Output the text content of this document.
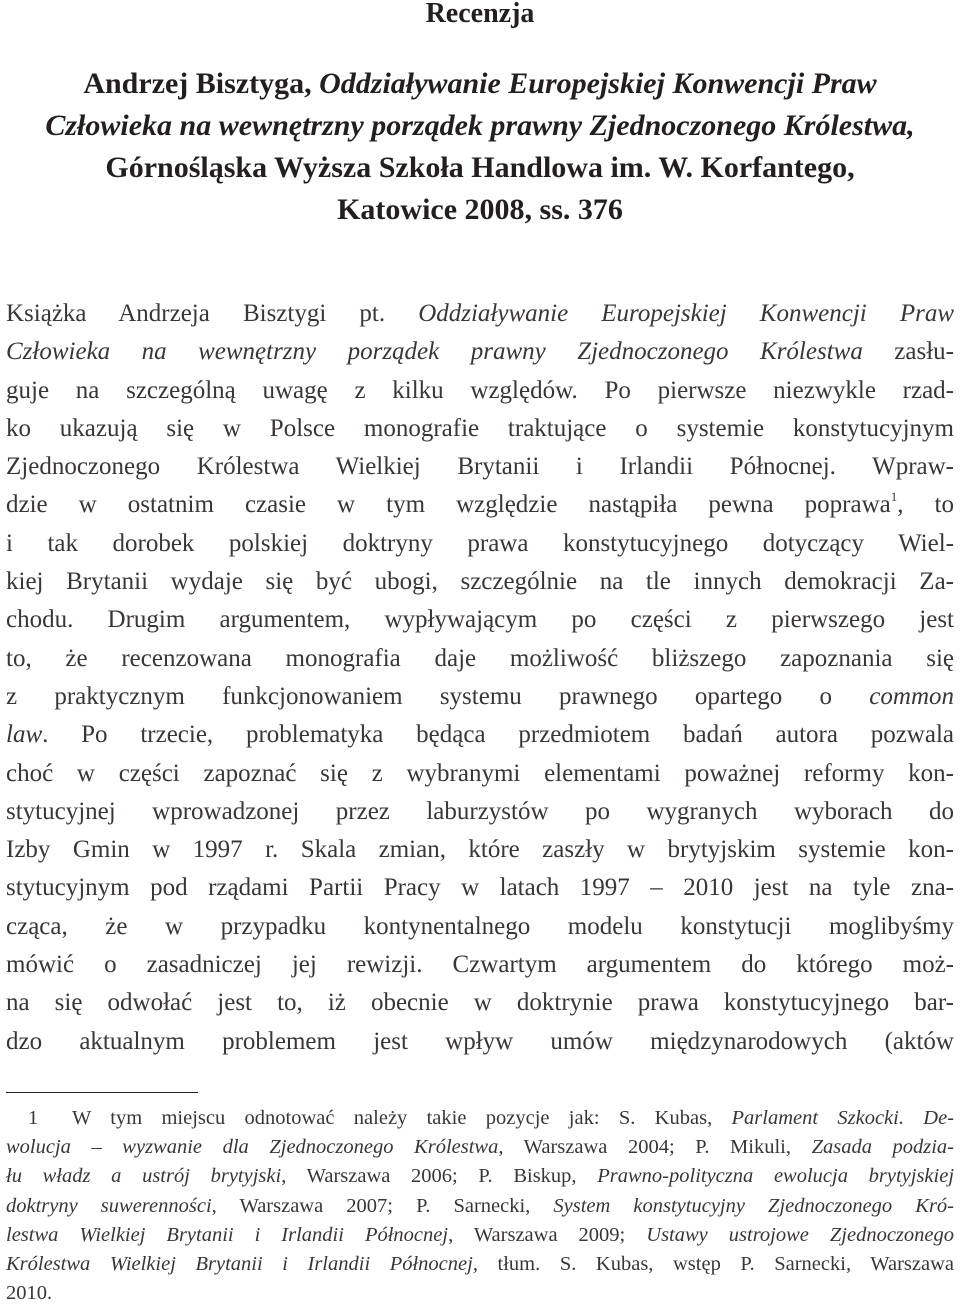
Recenzja
Andrzej Bisztyga, Oddziaływanie Europejskiej Konwencji Praw
Człowieka na wewnętrzny porządek prawny Zjednoczonego Królestwa,
Górnośląska Wyższa Szkoła Handlowa im. W. Korfantego,
Katowice 2008, ss. 376
Książka Andrzeja Bisztygi pt. Oddziaływanie Europejskiej Konwencji Praw
Człowieka na wewnętrzny porządek prawny Zjednoczonego Królestwa zasłu-
guje na szczególną uwagę z kilku względów. Po pierwsze niezwykle rzad-
ko ukazują się w Polsce monografie traktujące o systemie konstytucyjnym
Zjednoczonego Królestwa Wielkiej Brytanii i Irlandii Północnej. Wpraw-
dzie w ostatnim czasie w tym względzie nastąpiła pewna poprawa$^1$, to
i tak dorobek polskiej doktryny prawa konstytucyjnego dotyczący Wiel-
kiej Brytanii wydaje się być ubogi, szczególnie na tle innych demokracji Za-
chodu. Drugim argumentem, wypływającym po części z pierwszego jest
to, że recenzowana monografia daje możliwość bliższego zapoznania się
z praktycznym funkcjonowaniem systemu prawnego opartego o common
law. Po trzecie, problematyka będąca przedmiotem badań autora pozwala
choć w części zapoznać się z wybranymi elementami poważnej reformy kon-
stytucyjnej wprowadzonej przez laburzystów po wygranych wyborach do
Izby Gmin w 1997 r. Skala zmian, które zaszły w brytyjskim systemie kon-
stytucyjnym pod rządami Partii Pracy w latach 1997 – 2010 jest na tyle zna-
cząca, że w przypadku kontynentalnego modelu konstytucji moglibyśmy
mówić o zasadniczej jej rewizji. Czwartym argumentem do którego moż-
na się odwołać jest to, iż obecnie w doktrynie prawa konstytucyjnego bar-
dzo aktualnym problemem jest wpływ umów międzynarodowych (aktów
1 W tym miejscu odnotować należy takie pozycje jak: S. Kubas, Parlament Szkocki. De-
wolucja – wyzwanie dla Zjednoczonego Królestwa, Warszawa 2004; P. Mikuli, Zasada podzia-
łu władz a ustrój brytyjski, Warszawa 2006; P. Biskup, Prawno-polityczna ewolucja brytyjskiej
doktryny suwerenności, Warszawa 2007; P. Sarnecki, System konstytucyjny Zjednoczonego Kró-
lestwa Wielkiej Brytanii i Irlandii Północnej, Warszawa 2009; Ustawy ustrojowe Zjednoczonego
Królestwa Wielkiej Brytanii i Irlandii Północnej, tłum. S. Kubas, wstęp P. Sarnecki, Warszawa
2010.
